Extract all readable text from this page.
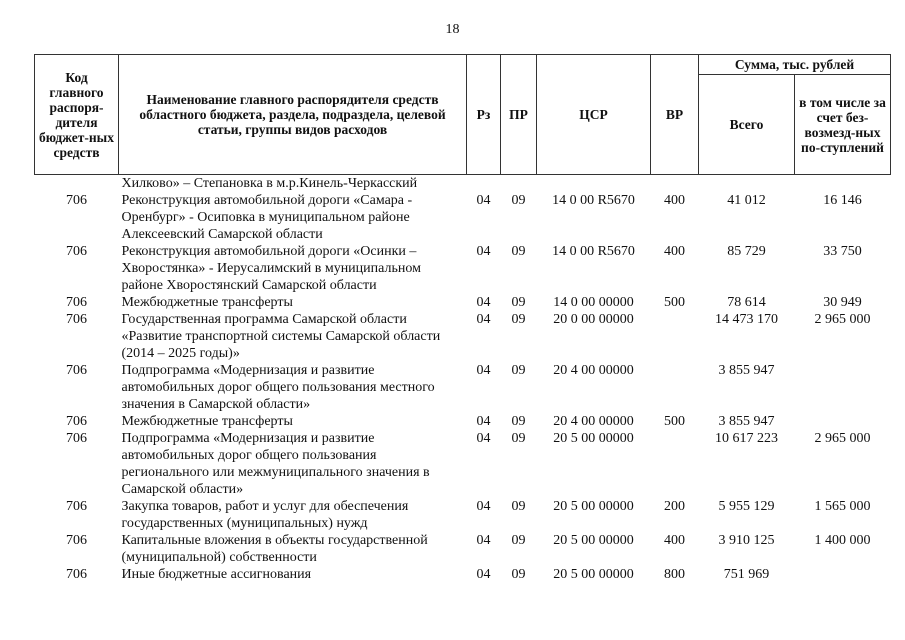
18
Код главного распоря-дителя бюджет-ных средств	Наименование главного распорядителя средств областного бюджета, раздела, подраздела, целевой статьи, группы видов расходов	Рз	ПР	ЦСР	ВР	Сумма, тыс. рублей	
						Всего	в том числе за счет без-возмезд-ных по-ступлений
	Хилково» – Степановка в м.р.Кинель-Черкасский						
706	Реконструкция автомобильной дороги «Самара - Оренбург» - Осиповка в муниципальном районе Алексеевский Самарской области	04	09	14 0 00 R5670	400	41 012	16 146
706	Реконструкция автомобильной дороги «Осинки – Хворостянка» - Иерусалимский в муниципальном районе Хворостянский Самарской области	04	09	14 0 00 R5670	400	85 729	33 750
706	Межбюджетные трансферты	04	09	14 0 00 00000	500	78 614	30 949
706	Государственная программа Самарской области «Развитие транспортной системы Самарской области (2014 – 2025 годы)»	04	09	20 0 00 00000		14 473 170	2 965 000
706	Подпрограмма «Модернизация и развитие автомобильных дорог общего пользования местного значения в Самарской области»	04	09	20 4 00 00000		3 855 947	
706	Межбюджетные трансферты	04	09	20 4 00 00000	500	3 855 947	
706	Подпрограмма «Модернизация и развитие автомобильных дорог общего пользования регионального или межмуниципального значения в Самарской области»	04	09	20 5 00 00000		10 617 223	2 965 000
706	Закупка товаров, работ и услуг для обеспечения государственных (муниципальных) нужд	04	09	20 5 00 00000	200	5 955 129	1 565 000
706	Капитальные вложения в объекты государственной (муниципальной) собственности	04	09	20 5 00 00000	400	3 910 125	1 400 000
706	Иные бюджетные ассигнования	04	09	20 5 00 00000	800	751 969	
